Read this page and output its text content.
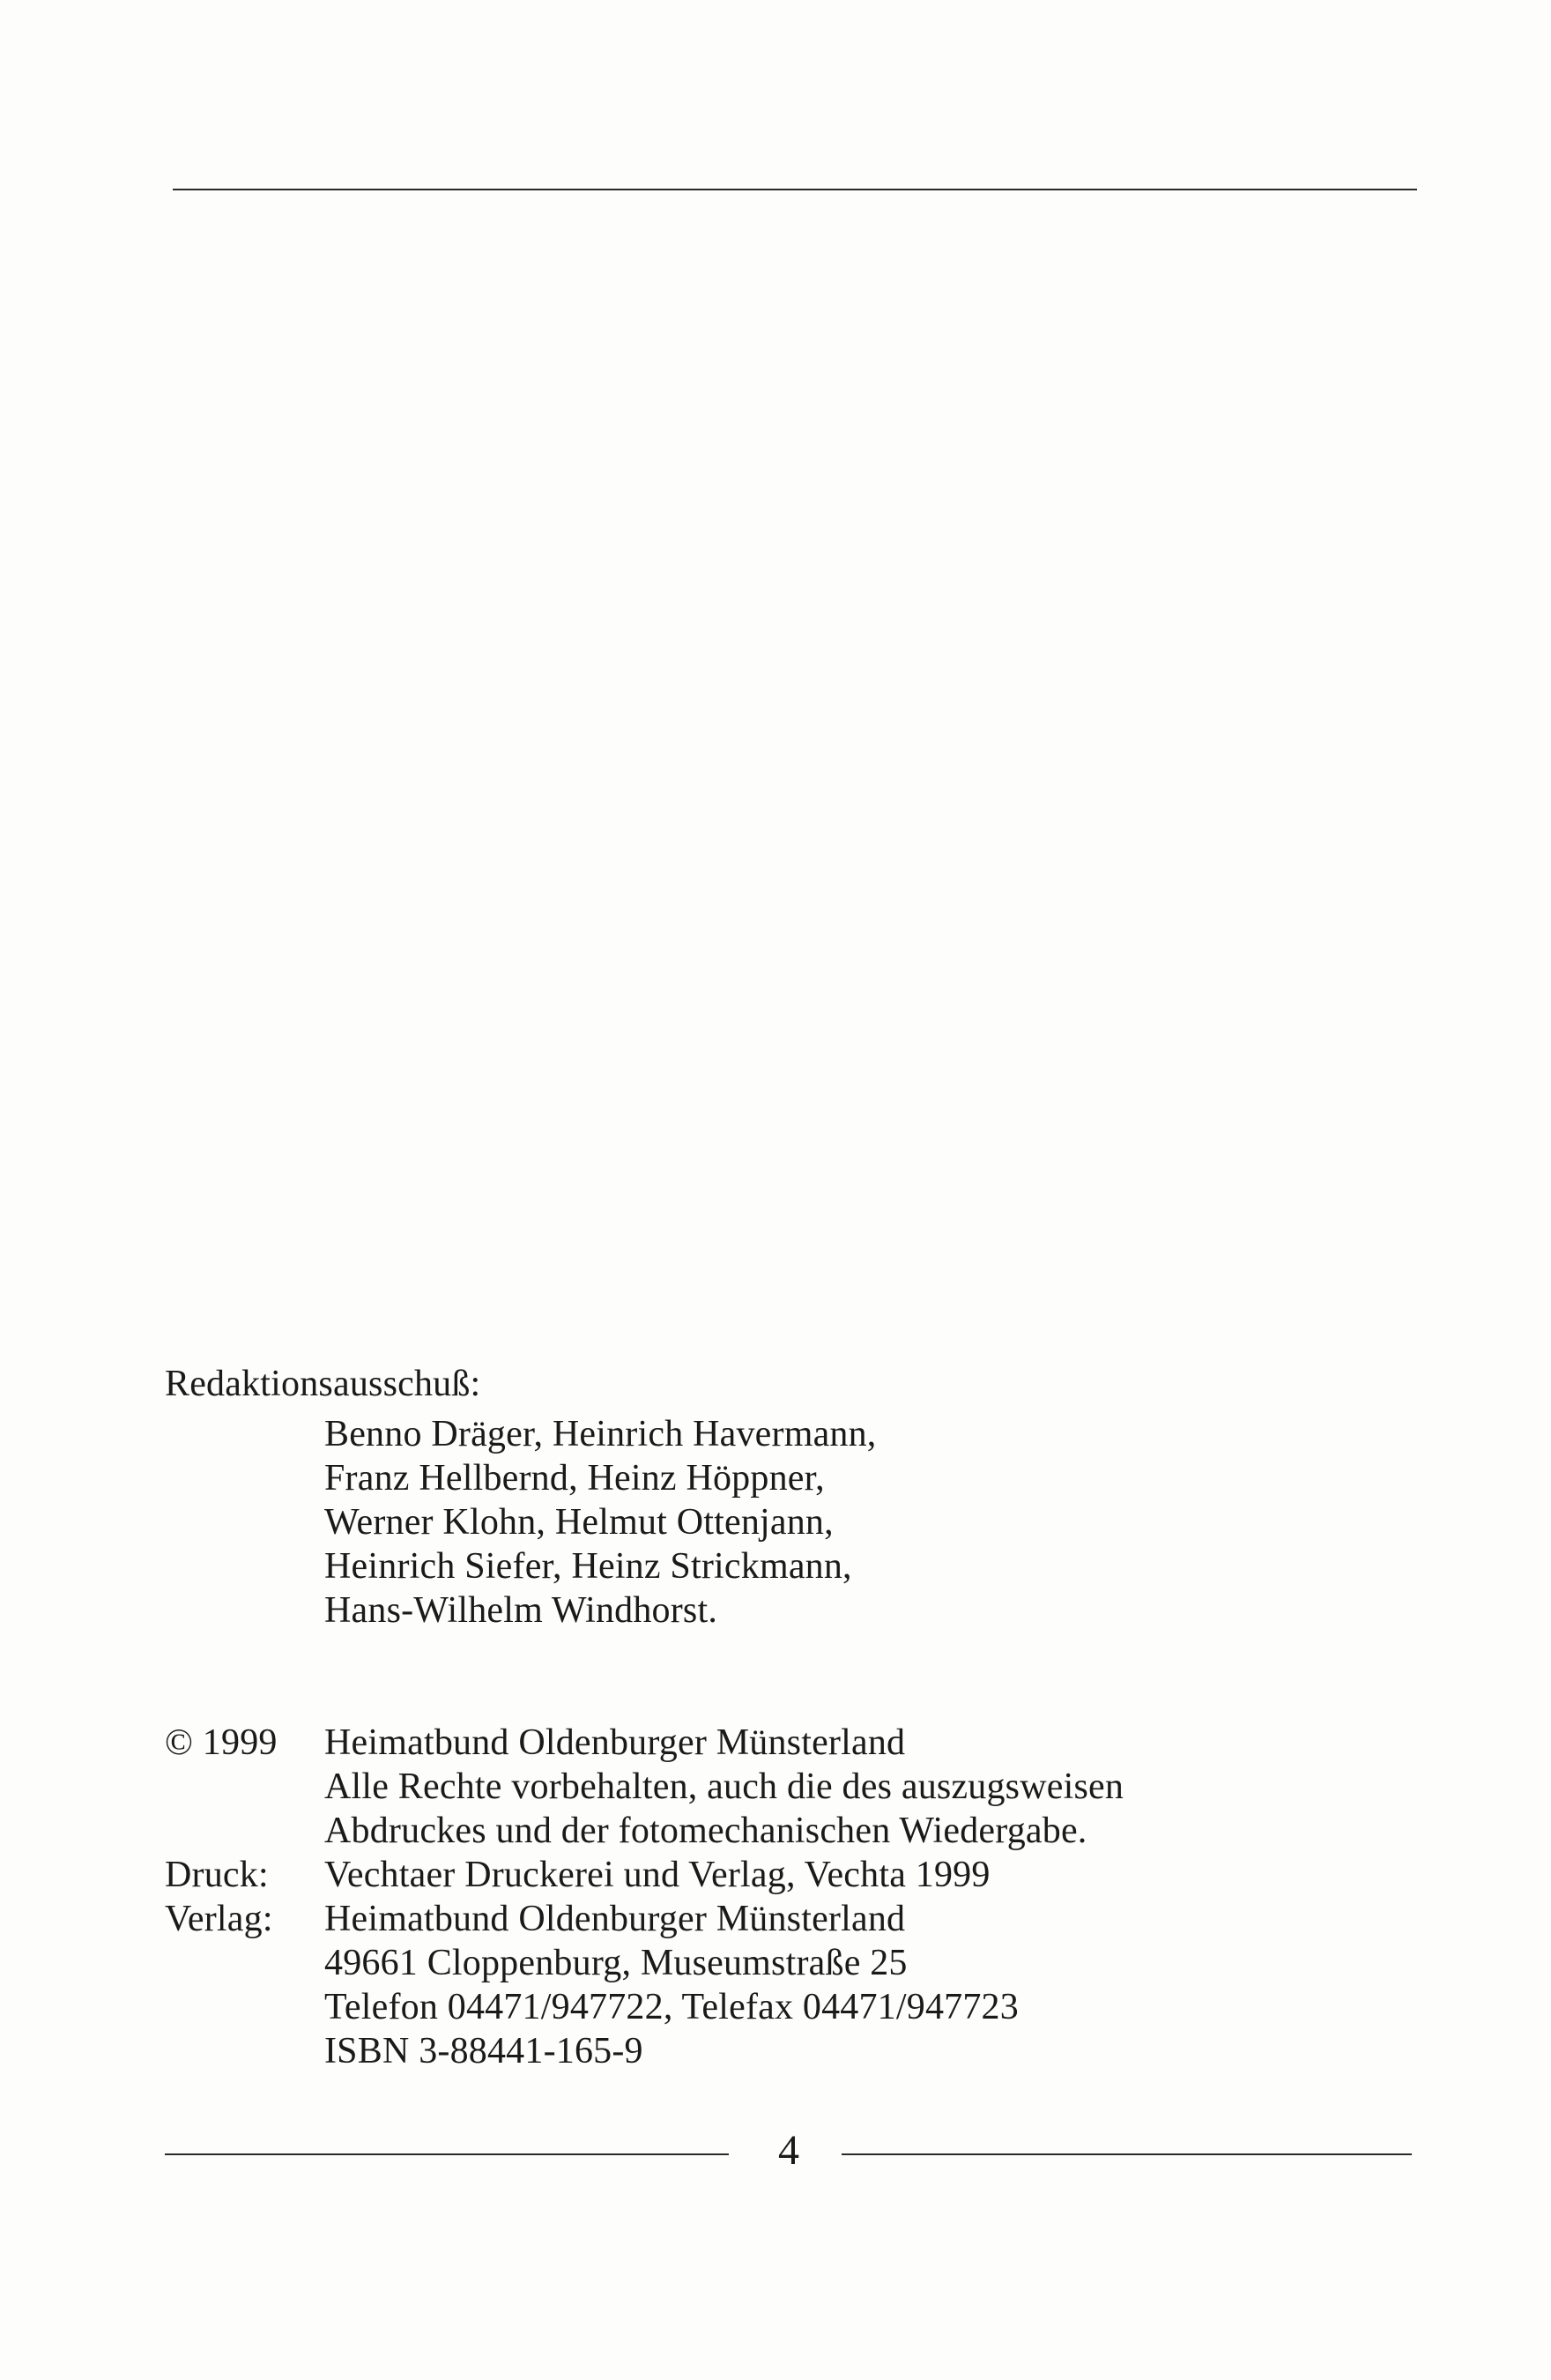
Redaktionsausschuß:
Benno Dräger, Heinrich Havermann,
Franz Hellbernd, Heinz Höppner,
Werner Klohn, Helmut Ottenjann,
Heinrich Siefer, Heinz Strickmann,
Hans-Wilhelm Windhorst.
© 1999 Heimatbund Oldenburger Münsterland
Alle Rechte vorbehalten, auch die des auszugsweisen
Abdruckes und der fotomechanischen Wiedergabe.
Druck: Vechtaer Druckerei und Verlag, Vechta 1999
Verlag: Heimatbund Oldenburger Münsterland
49661 Cloppenburg, Museumstraße 25
Telefon 04471/947722, Telefax 04471/947723
ISBN 3-88441-165-9
4
